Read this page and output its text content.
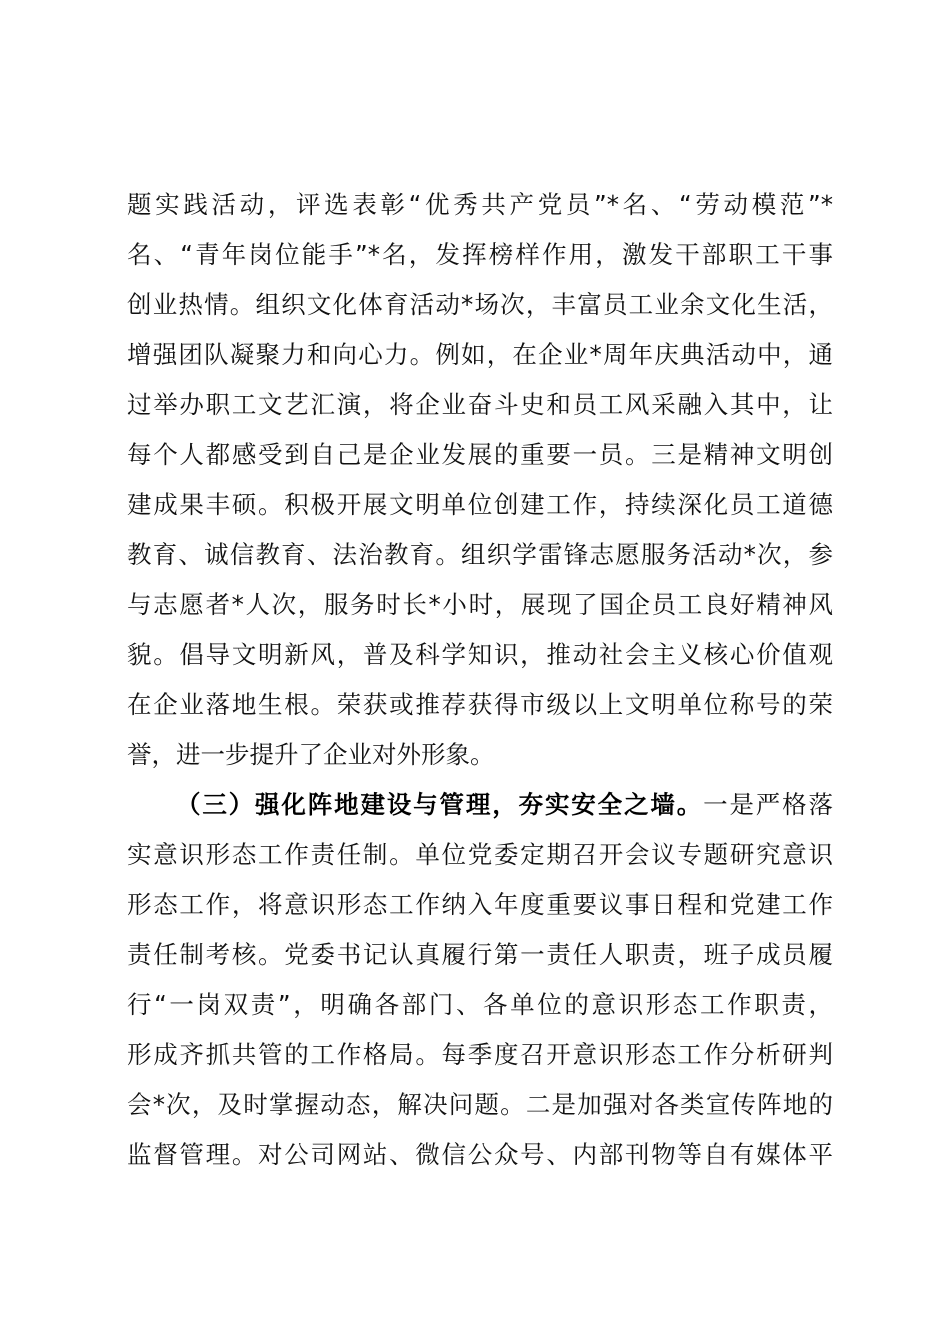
题实践活动，评选表彰“优秀共产党员”*名、“劳动模范”*
名、“青年岗位能手”*名，发挥榜样作用，激发干部职工干事
创业热情。组织文化体育活动*场次，丰富员工业余文化生活，
增强团队凝聚力和向心力。例如，在企业*周年庆典活动中，通
过举办职工文艺汇演，将企业奋斗史和员工风采融入其中，让
每个人都感受到自己是企业发展的重要一员。三是精神文明创
建成果丰硕。积极开展文明单位创建工作，持续深化员工道德
教育、诚信教育、法治教育。组织学雷锋志愿服务活动*次，参
与志愿者*人次，服务时长*小时，展现了国企员工良好精神风
貌。倡导文明新风，普及科学知识，推动社会主义核心价值观
在企业落地生根。荣获或推荐获得市级以上文明单位称号的荣
誉，进一步提升了企业对外形象。
（三）强化阵地建设与管理，夯实安全之墙。一是严格落
实意识形态工作责任制。单位党委定期召开会议专题研究意识
形态工作，将意识形态工作纳入年度重要议事日程和党建工作
责任制考核。党委书记认真履行第一责任人职责，班子成员履
行“一岗双责”，明确各部门、各单位的意识形态工作职责，
形成齐抓共管的工作格局。每季度召开意识形态工作分析研判
会*次，及时掌握动态，解决问题。二是加强对各类宣传阵地的
监督管理。对公司网站、微信公众号、内部刊物等自有媒体平
